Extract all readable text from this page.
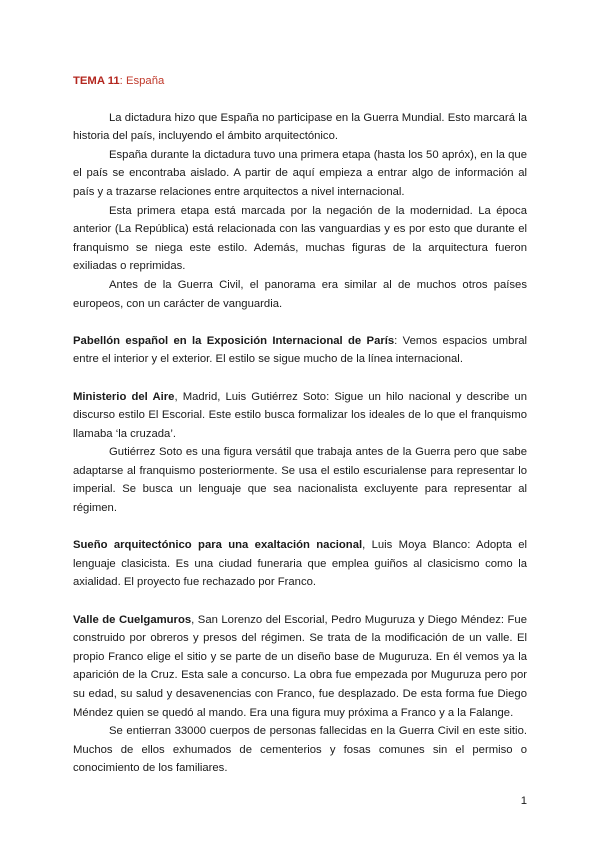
TEMA 11: España

La dictadura hizo que España no participase en la Guerra Mundial. Esto marcará la historia del país, incluyendo el ámbito arquitectónico.

España durante la dictadura tuvo una primera etapa (hasta los 50 apróx), en la que el país se encontraba aislado. A partir de aquí empieza a entrar algo de información al país y a trazarse relaciones entre arquitectos a nivel internacional.

Esta primera etapa está marcada por la negación de la modernidad. La época anterior (La República) está relacionada con las vanguardias y es por esto que durante el franquismo se niega este estilo. Además, muchas figuras de la arquitectura fueron exiliadas o reprimidas.

Antes de la Guerra Civil, el panorama era similar al de muchos otros países europeos, con un carácter de vanguardia.

Pabellón español en la Exposición Internacional de París: Vemos espacios umbral entre el interior y el exterior. El estilo se sigue mucho de la línea internacional.

Ministerio del Aire, Madrid, Luis Gutiérrez Soto: Sigue un hilo nacional y describe un discurso estilo El Escorial. Este estilo busca formalizar los ideales de lo que el franquismo llamaba ‘la cruzada’.

Gutiérrez Soto es una figura versátil que trabaja antes de la Guerra pero que sabe adaptarse al franquismo posteriormente. Se usa el estilo escurialense para representar lo imperial. Se busca un lenguaje que sea nacionalista excluyente para representar al régimen.

Sueño arquitectónico para una exaltación nacional, Luis Moya Blanco: Adopta el lenguaje clasicista. Es una ciudad funeraria que emplea guiños al clasicismo como la axialidad. El proyecto fue rechazado por Franco.

Valle de Cuelgamuros, San Lorenzo del Escorial, Pedro Muguruza y Diego Méndez: Fue construido por obreros y presos del régimen. Se trata de la modificación de un valle. El propio Franco elige el sitio y se parte de un diseño base de Muguruza. En él vemos ya la aparición de la Cruz. Esta sale a concurso. La obra fue empezada por Muguruza pero por su edad, su salud y desavenencias con Franco, fue desplazado. De esta forma fue Diego Méndez quien se quedó al mando. Era una figura muy próxima a Franco y a la Falange.

Se entierran 33000 cuerpos de personas fallecidas en la Guerra Civil en este sitio. Muchos de ellos exhumados de cementerios y fosas comunes sin el permiso o conocimiento de los familiares.

1
